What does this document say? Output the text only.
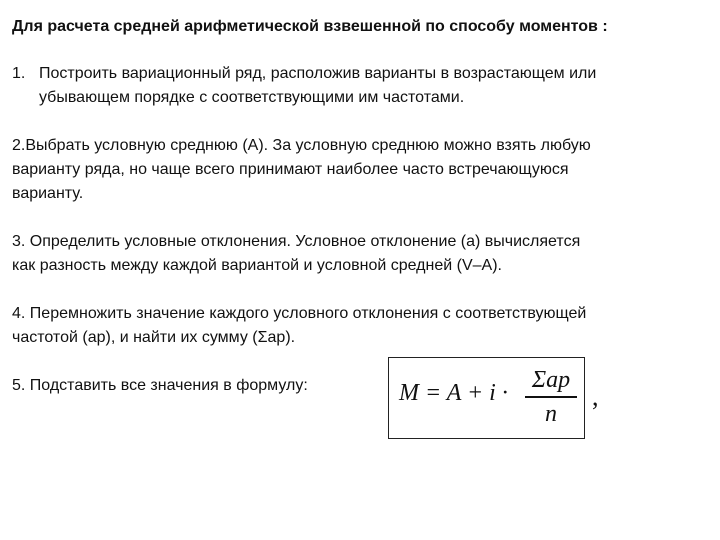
Для расчета средней арифметической взвешенной по способу моментов :
1. Построить вариационный ряд, расположив варианты в возрастающем или
убывающем порядке с соответствующими им частотами.
2.Выбрать условную среднюю (А). За условную среднюю можно взять любую
варианту ряда, но чаще всего принимают наиболее часто встречающуюся
варианту.
3. Определить условные отклонения. Условное отклонение (a) вычисляется
как разность между каждой вариантой и условной средней (V–A).
4. Перемножить значение каждого условного отклонения с соответствующей
частотой (ap), и найти их сумму (Σap).
5. Подставить все значения в формулу:	M = A + i · Σap
n
,
